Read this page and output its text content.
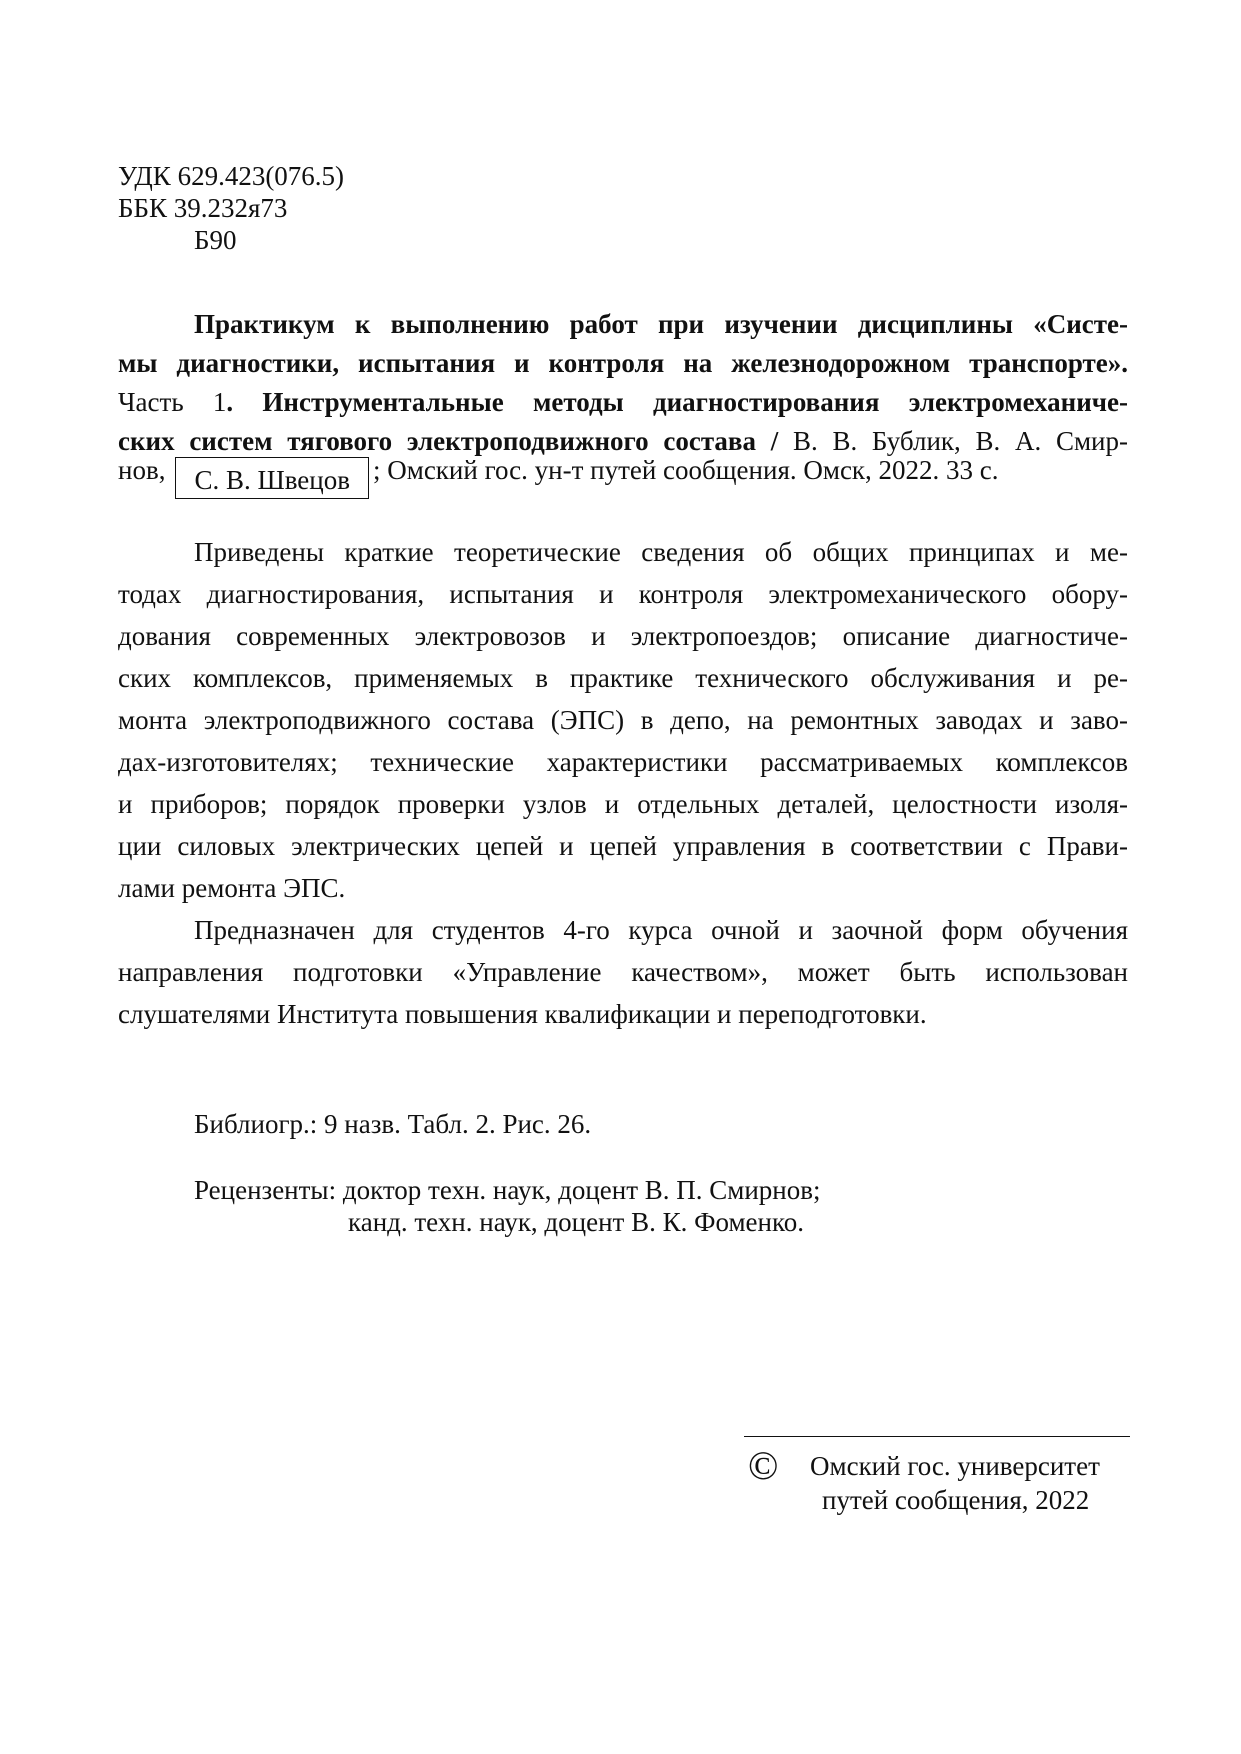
УДК 629.423(076.5)
ББК 39.232я73
Б90
Практикум к выполнению работ при изучении дисциплины «Систе-
мы диагностики, испытания и контроля на железнодорожном транспорте».
Часть 1. Инструментальные методы диагностирования электромеханиче-
ских систем тягового электроподвижного состава / В. В. Бублик, В. А. Смир-
нов, С. В. Швецов ; Омский гос. ун-т путей сообщения. Омск, 2022. 33 с.
Приведены краткие теоретические сведения об общих принципах и ме-
тодах диагностирования, испытания и контроля электромеханического обору-
дования современных электровозов и электропоездов; описание диагностиче-
ских комплексов, применяемых в практике технического обслуживания и ре-
монта электроподвижного состава (ЭПС) в депо, на ремонтных заводах и заво-
дах-изготовителях; технические характеристики рассматриваемых комплексов
и приборов; порядок проверки узлов и отдельных деталей, целостности изоля-
ции силовых электрических цепей и цепей управления в соответствии с Прави-
лами ремонта ЭПС.
Предназначен для студентов 4-го курса очной и заочной форм обучения
направления подготовки «Управление качеством», может быть использован
слушателями Института повышения квалификации и переподготовки.
Библиогр.: 9 назв. Табл. 2. Рис. 26.
Рецензенты: доктор техн. наук, доцент В. П. Смирнов;
канд. техн. наук, доцент В. К. Фоменко.
© Омский гос. университет
путей сообщения, 2022
